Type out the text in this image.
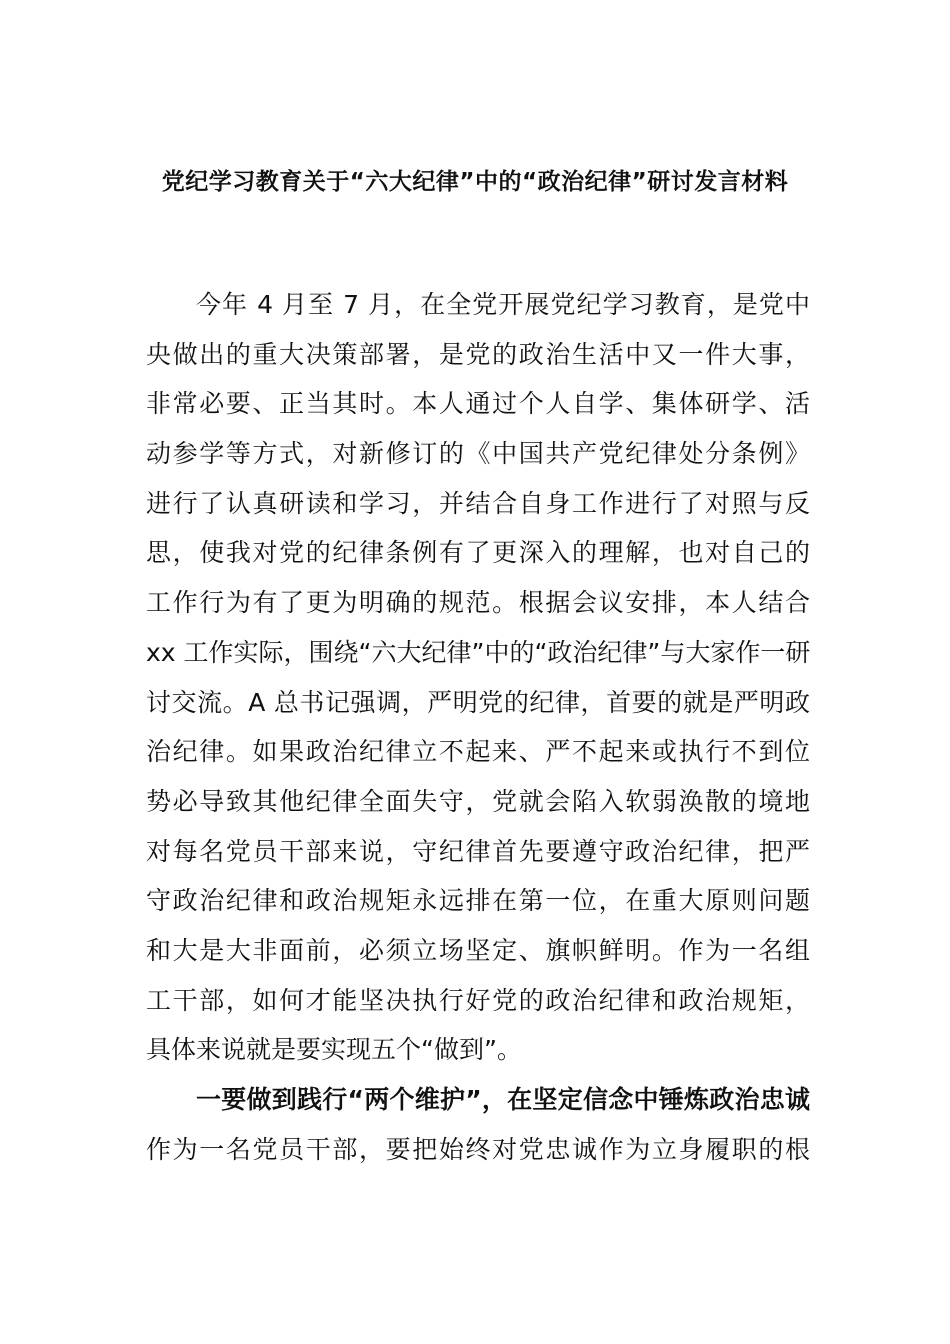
党纪学习教育关于“六大纪律”中的“政治纪律”研讨发言材料
今年 4 月至 7 月，在全党开展党纪学习教育，是党中
央做出的重大决策部署，是党的政治生活中又一件大事，
非常必要、正当其时。本人通过个人自学、集体研学、活
动参学等方式，对新修订的《中国共产党纪律处分条例》
进行了认真研读和学习，并结合自身工作进行了对照与反
思，使我对党的纪律条例有了更深入的理解，也对自己的
工作行为有了更为明确的规范。根据会议安排，本人结合
xx 工作实际，围绕“六大纪律”中的“政治纪律”与大家作一研
讨交流。A 总书记强调，严明党的纪律，首要的就是严明政
治纪律。如果政治纪律立不起来、严不起来或执行不到位
势必导致其他纪律全面失守，党就会陷入软弱涣散的境地
对每名党员干部来说，守纪律首先要遵守政治纪律，把严
守政治纪律和政治规矩永远排在第一位，在重大原则问题
和大是大非面前，必须立场坚定、旗帜鲜明。作为一名组
工干部，如何才能坚决执行好党的政治纪律和政治规矩，
具体来说就是要实现五个“做到”。
一要做到践行“两个维护”，在坚定信念中锤炼政治忠诚
作为一名党员干部，要把始终对党忠诚作为立身履职的根
